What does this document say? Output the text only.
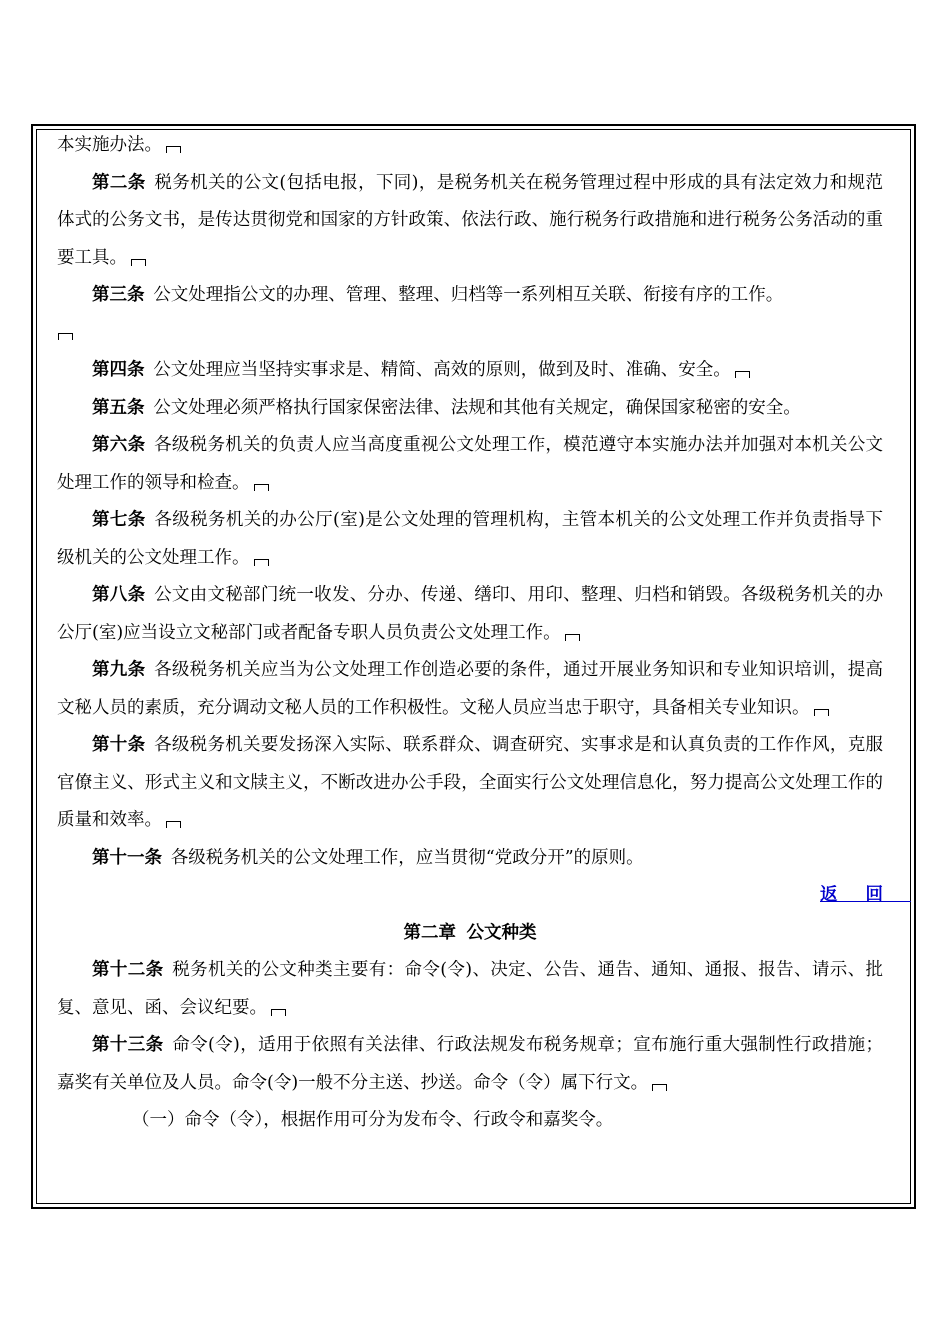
本实施办法。

第二条 税务机关的公文(包括电报，下同)，是税务机关在税务管理过程中形成的具有法定效力和规范体式的公务文书，是传达贯彻党和国家的方针政策、依法行政、施行税务行政措施和进行税务公务活动的重要工具。

第三条 公文处理指公文的办理、管理、整理、归档等一系列相互关联、衔接有序的工作。

第四条 公文处理应当坚持实事求是、精简、高效的原则，做到及时、准确、安全。

第五条 公文处理必须严格执行国家保密法律、法规和其他有关规定，确保国家秘密的安全。

第六条 各级税务机关的负责人应当高度重视公文处理工作，模范遵守本实施办法并加强对本机关公文处理工作的领导和检查。

第七条 各级税务机关的办公厅(室)是公文处理的管理机构，主管本机关的公文处理工作并负责指导下级机关的公文处理工作。

第八条 公文由文秘部门统一收发、分办、传递、缮印、用印、整理、归档和销毁。各级税务机关的办公厅(室)应当设立文秘部门或者配备专职人员负责公文处理工作。

第九条 各级税务机关应当为公文处理工作创造必要的条件，通过开展业务知识和专业知识培训，提高文秘人员的素质，充分调动文秘人员的工作积极性。文秘人员应当忠于职守，具备相关专业知识。

第十条 各级税务机关要发扬深入实际、联系群众、调查研究、实事求是和认真负责的工作作风，克服官僚主义、形式主义和文牍主义，不断改进办公手段，全面实行公文处理信息化，努力提高公文处理工作的质量和效率。

第十一条 各级税务机关的公文处理工作，应当贯彻“党政分开”的原则。

返回
第二章 公文种类

第十二条 税务机关的公文种类主要有：命令(令)、决定、公告、通告、通知、通报、报告、请示、批复、意见、函、会议纪要。

第十三条 命令(令)，适用于依照有关法律、行政法规发布税务规章；宣布施行重大强制性行政措施；嘉奖有关单位及人员。命令(令)一般不分主送、抄送。命令（令）属下行文。

（一）命令（令），根据作用可分为发布令、行政令和嘉奖令。
